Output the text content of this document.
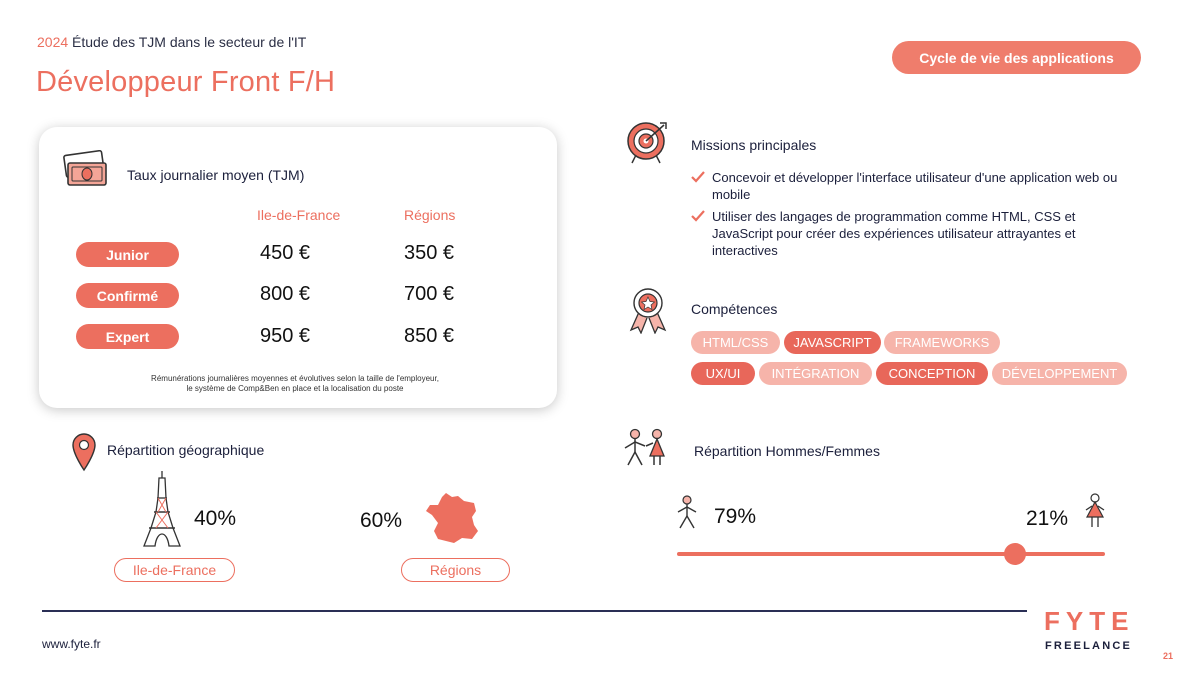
2024 Étude des TJM dans le secteur de l'IT
Développeur Front F/H
Cycle de vie des applications
Taux journalier moyen (TJM)
Ile-de-France	Régions
Junior	450 €	350 €
Confirmé	800 €	700 €
Expert	950 €	850 €
Rémunérations journalières moyennes et évolutives selon la taille de l'employeur,
le système de Comp&Ben en place et la localisation du poste
Missions principales
Concevoir et développer l'interface utilisateur d'une application web ou mobile
Utiliser des langages de programmation comme HTML, CSS et JavaScript pour créer des expériences utilisateur attrayantes et interactives
Compétences
HTML/CSS	JAVASCRIPT	FRAMEWORKS
UX/UI	INTÉGRATION	CONCEPTION	DÉVELOPPEMENT
Répartition géographique
40%
Ile-de-France
60%
Régions
Répartition Hommes/Femmes
79%	21%
www.fyte.fr
FYTE
FREELANCE
21
